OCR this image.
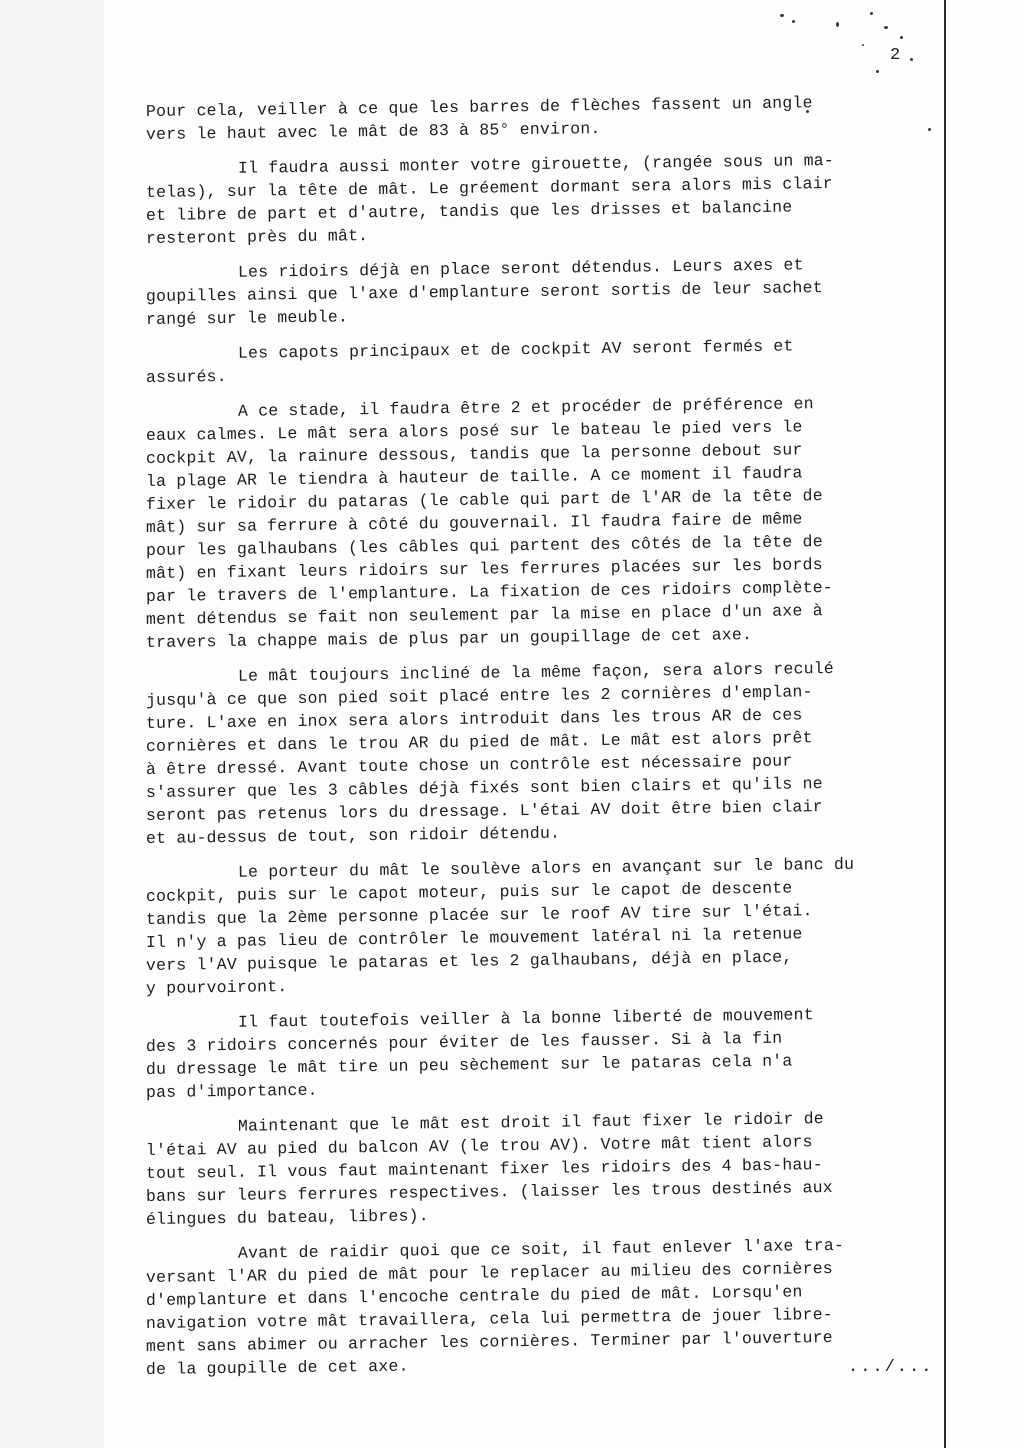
2
Pour cela, veiller à ce que les barres de flèches fassent un angle
vers le haut avec le mât de 83 à 85° environ.
Il faudra aussi monter votre girouette, (rangée sous un ma-
telas), sur la tête de mât. Le gréement dormant sera alors mis clair
et libre de part et d'autre, tandis que les drisses et balancine
resteront près du mât.
Les ridoirs déjà en place seront détendus. Leurs axes et
goupilles ainsi que l'axe d'emplanture seront sortis de leur sachet
rangé sur le meuble.
Les capots principaux et de cockpit AV seront fermés et
assurés.
A ce stade, il faudra être 2 et procéder de préférence en
eaux calmes. Le mât sera alors posé sur le bateau le pied vers le
cockpit AV, la rainure dessous, tandis que la personne debout sur
la plage AR le tiendra à hauteur de taille. A ce moment il faudra
fixer le ridoir du pataras (le cable qui part de l'AR de la tête de
mât) sur sa ferrure à côté du gouvernail. Il faudra faire de même
pour les galhaubans (les câbles qui partent des côtés de la tête de
mât) en fixant leurs ridoirs sur les ferrures placées sur les bords
par le travers de l'emplanture. La fixation de ces ridoirs complète-
ment détendus se fait non seulement par la mise en place d'un axe à
travers la chappe mais de plus par un goupillage de cet axe.
Le mât toujours incliné de la même façon, sera alors reculé
jusqu'à ce que son pied soit placé entre les 2 cornières d'emplan-
ture. L'axe en inox sera alors introduit dans les trous AR de ces
cornières et dans le trou AR du pied de mât. Le mât est alors prêt
à être dressé. Avant toute chose un contrôle est nécessaire pour
s'assurer que les 3 câbles déjà fixés sont bien clairs et qu'ils ne
seront pas retenus lors du dressage. L'étai AV doit être bien clair
et au-dessus de tout, son ridoir détendu.
Le porteur du mât le soulève alors en avançant sur le banc du
cockpit, puis sur le capot moteur, puis sur le capot de descente
tandis que la 2ème personne placée sur le roof AV tire sur l'étai.
Il n'y a pas lieu de contrôler le mouvement latéral ni la retenue
vers l'AV puisque le pataras et les 2 galhaubans, déjà en place,
y pourvoiront.
Il faut toutefois veiller à la bonne liberté de mouvement
des 3 ridoirs concernés pour éviter de les fausser. Si à la fin
du dressage le mât tire un peu sèchement sur le pataras cela n'a
pas d'importance.
Maintenant que le mât est droit il faut fixer le ridoir de
l'étai AV au pied du balcon AV (le trou AV). Votre mât tient alors
tout seul. Il vous faut maintenant fixer les ridoirs des 4 bas-hau-
bans sur leurs ferrures respectives. (laisser les trous destinés aux
élingues du bateau, libres).
Avant de raidir quoi que ce soit, il faut enlever l'axe tra-
versant l'AR du pied de mât pour le replacer au milieu des cornières
d'emplanture et dans l'encoche centrale du pied de mât. Lorsqu'en
navigation votre mât travaillera, cela lui permettra de jouer libre-
ment sans abimer ou arracher les cornières. Terminer par l'ouverture
de la goupille de cet axe.	.../...
